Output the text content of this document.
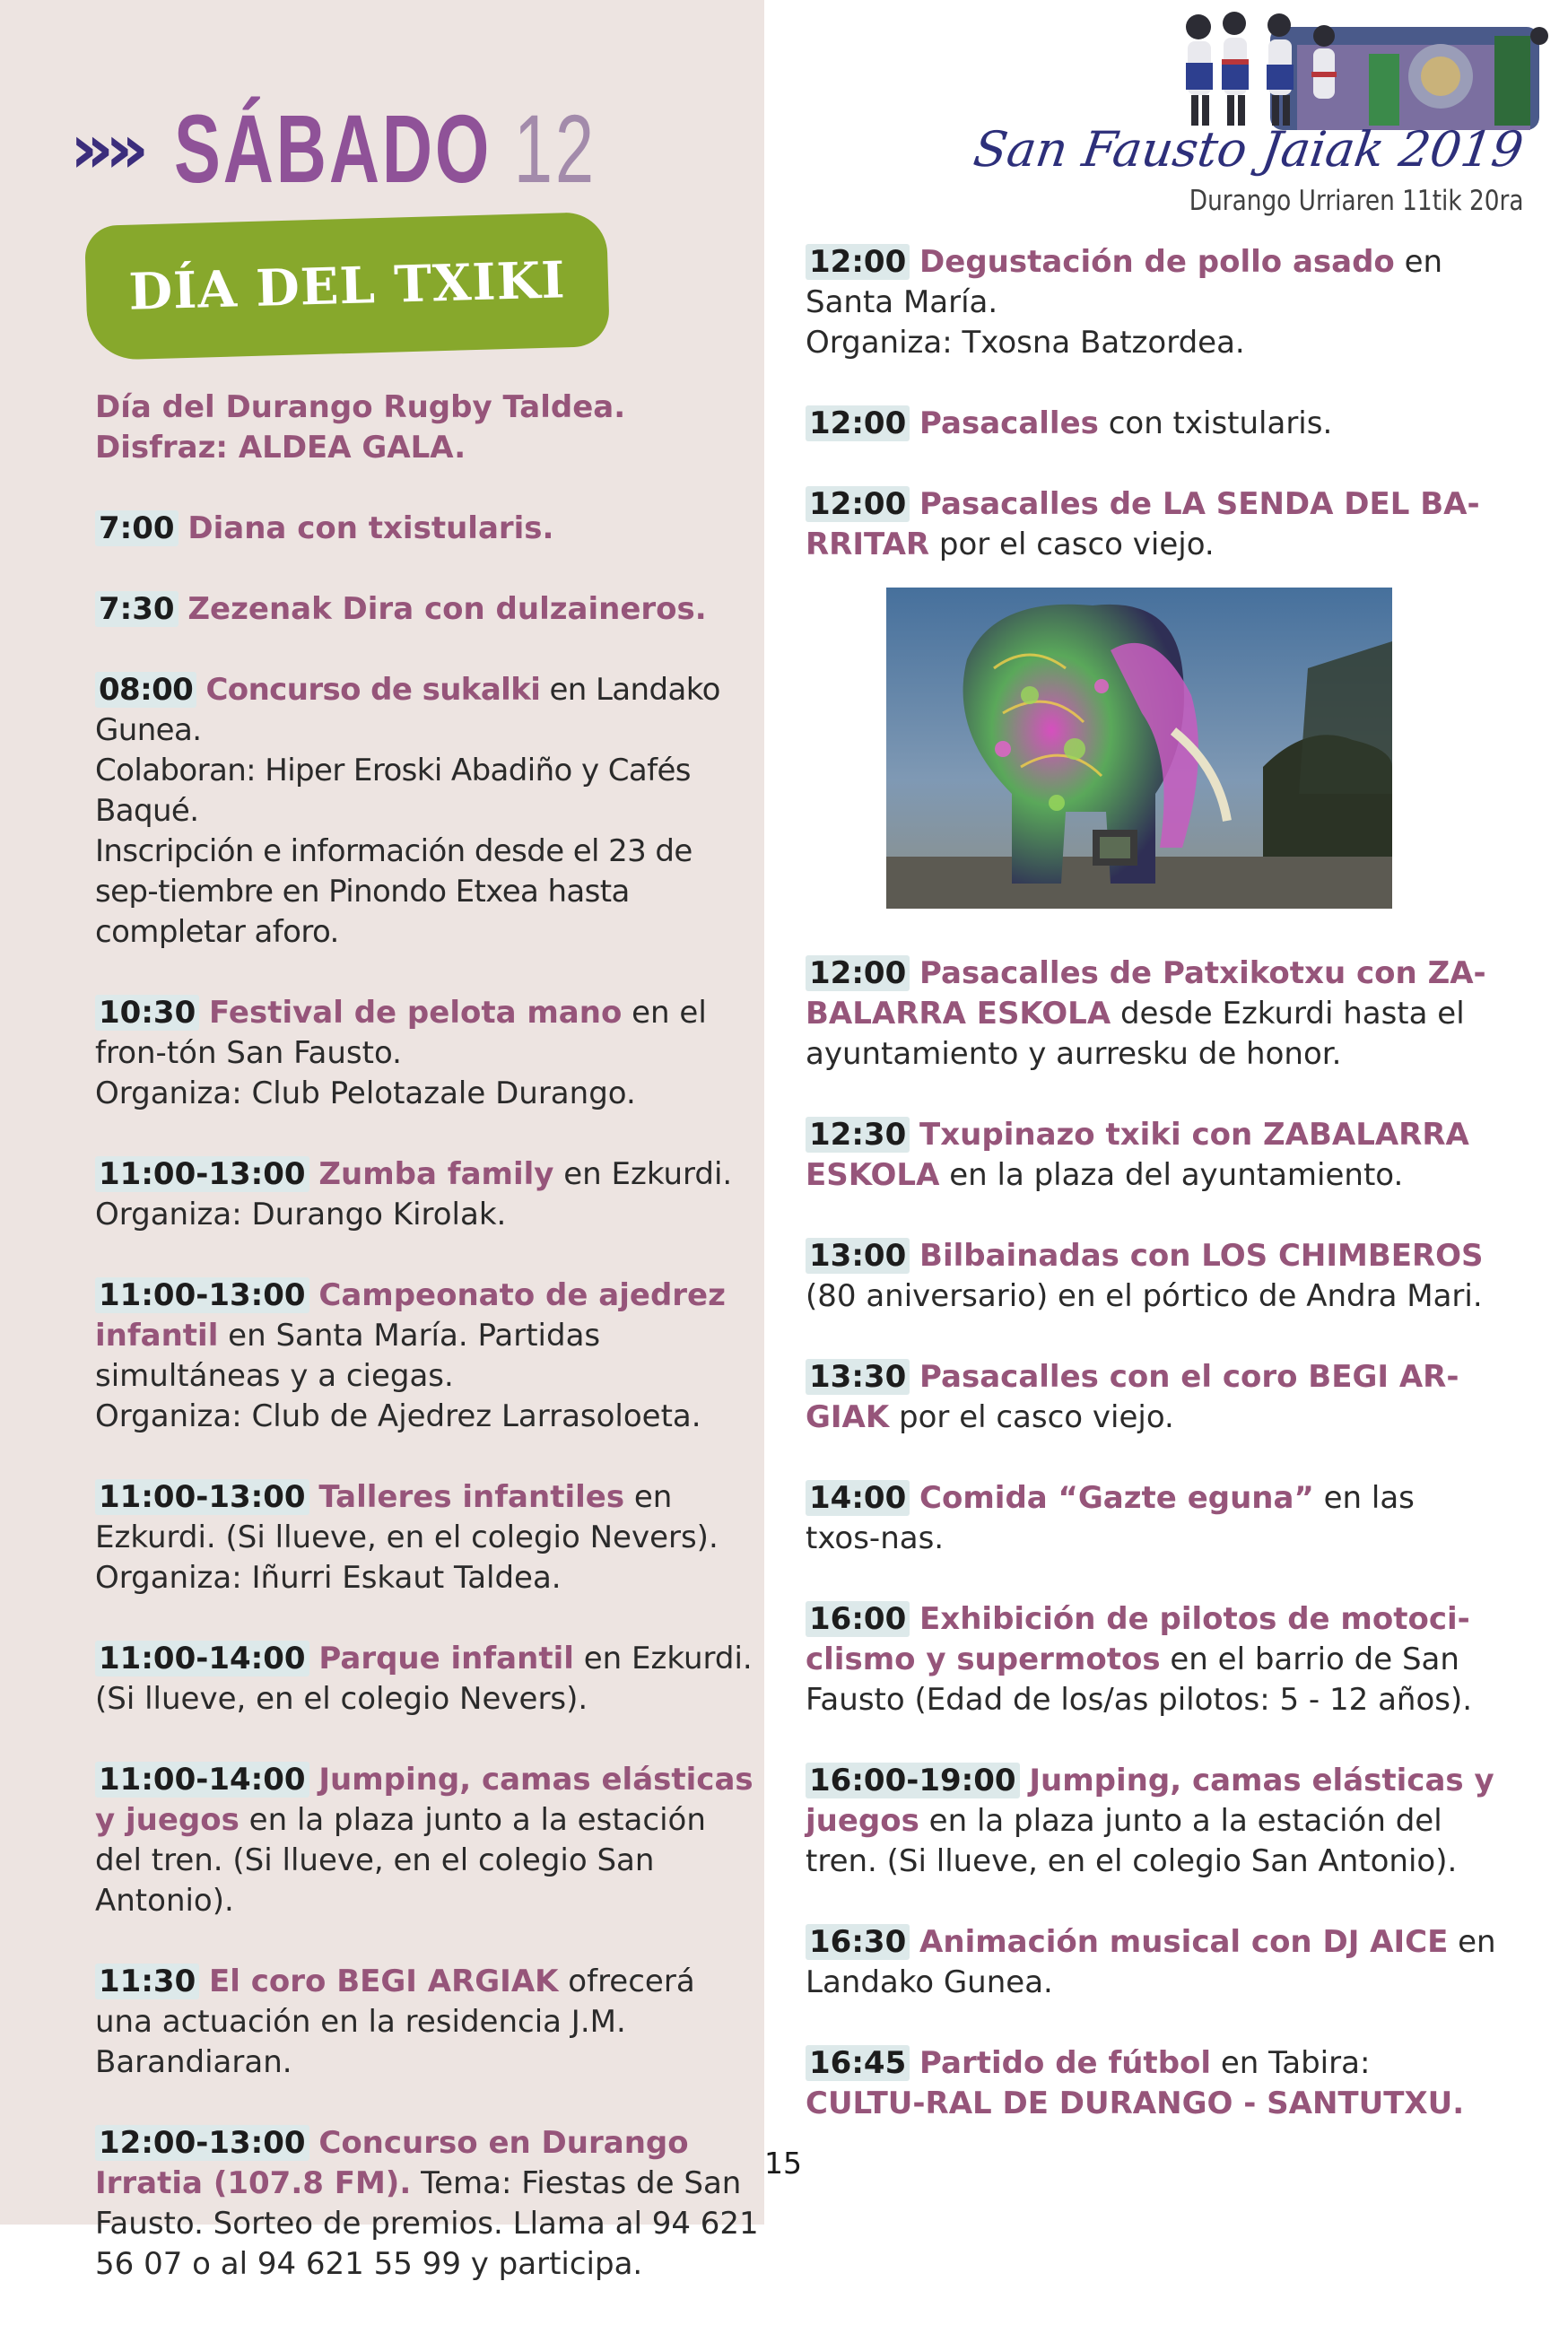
»» SÁBADO 12
DÍA DEL TXIKI
San Fausto Jaiak 2019
Durango Urriaren 11tik 20ra
Día del Durango Rugby Taldea.
Disfraz: ALDEA GALA.
7:00 Diana con txistularis.
7:30 Zezenak Dira con dulzaineros.
08:00 Concurso de sukalki en Landako Gunea.
Colaboran: Hiper Eroski Abadiño y Cafés Baqué.
Inscripción e información desde el 23 de sep-tiembre en Pinondo Etxea hasta completar aforo.
10:30 Festival de pelota mano en el fron-tón San Fausto.
Organiza: Club Pelotazale Durango.
11:00-13:00 Zumba family en Ezkurdi.
Organiza: Durango Kirolak.
11:00-13:00 Campeonato de ajedrez infantil en Santa María. Partidas simultáneas y a ciegas.
Organiza: Club de Ajedrez Larrasoloeta.
11:00-13:00 Talleres infantiles en Ezkurdi. (Si llueve, en el colegio Nevers).
Organiza: Iñurri Eskaut Taldea.
11:00-14:00 Parque infantil en Ezkurdi. (Si llueve, en el colegio Nevers).
11:00-14:00 Jumping, camas elásticas y juegos en la plaza junto a la estación del tren. (Si llueve, en el colegio San Antonio).
11:30 El coro BEGI ARGIAK ofrecerá una actuación en la residencia J.M. Barandiaran.
12:00-13:00 Concurso en Durango Irratia (107.8 FM). Tema: Fiestas de San Fausto. Sorteo de premios. Llama al 94 621 56 07 o al 94 621 55 99 y participa.
12:00 Degustación de pollo asado en Santa María.
Organiza: Txosna Batzordea.
12:00 Pasacalles con txistularis.
12:00 Pasacalles de LA SENDA DEL BA-RRITAR por el casco viejo.
12:00 Pasacalles de Patxikotxu con ZA-BALARRA ESKOLA desde Ezkurdi hasta el ayuntamiento y aurresku de honor.
12:30 Txupinazo txiki con ZABALARRA ESKOLA en la plaza del ayuntamiento.
13:00 Bilbainadas con LOS CHIMBEROS (80 aniversario) en el pórtico de Andra Mari.
13:30 Pasacalles con el coro BEGI AR-GIAK por el casco viejo.
14:00 Comida “Gazte eguna” en las txos-nas.
16:00 Exhibición de pilotos de motoci-clismo y supermotos en el barrio de San Fausto (Edad de los/as pilotos: 5 - 12 años).
16:00-19:00 Jumping, camas elásticas y juegos en la plaza junto a la estación del tren. (Si llueve, en el colegio San Antonio).
16:30 Animación musical con DJ AICE en Landako Gunea.
16:45 Partido de fútbol en Tabira: CULTU-RAL DE DURANGO - SANTUTXU.
15
